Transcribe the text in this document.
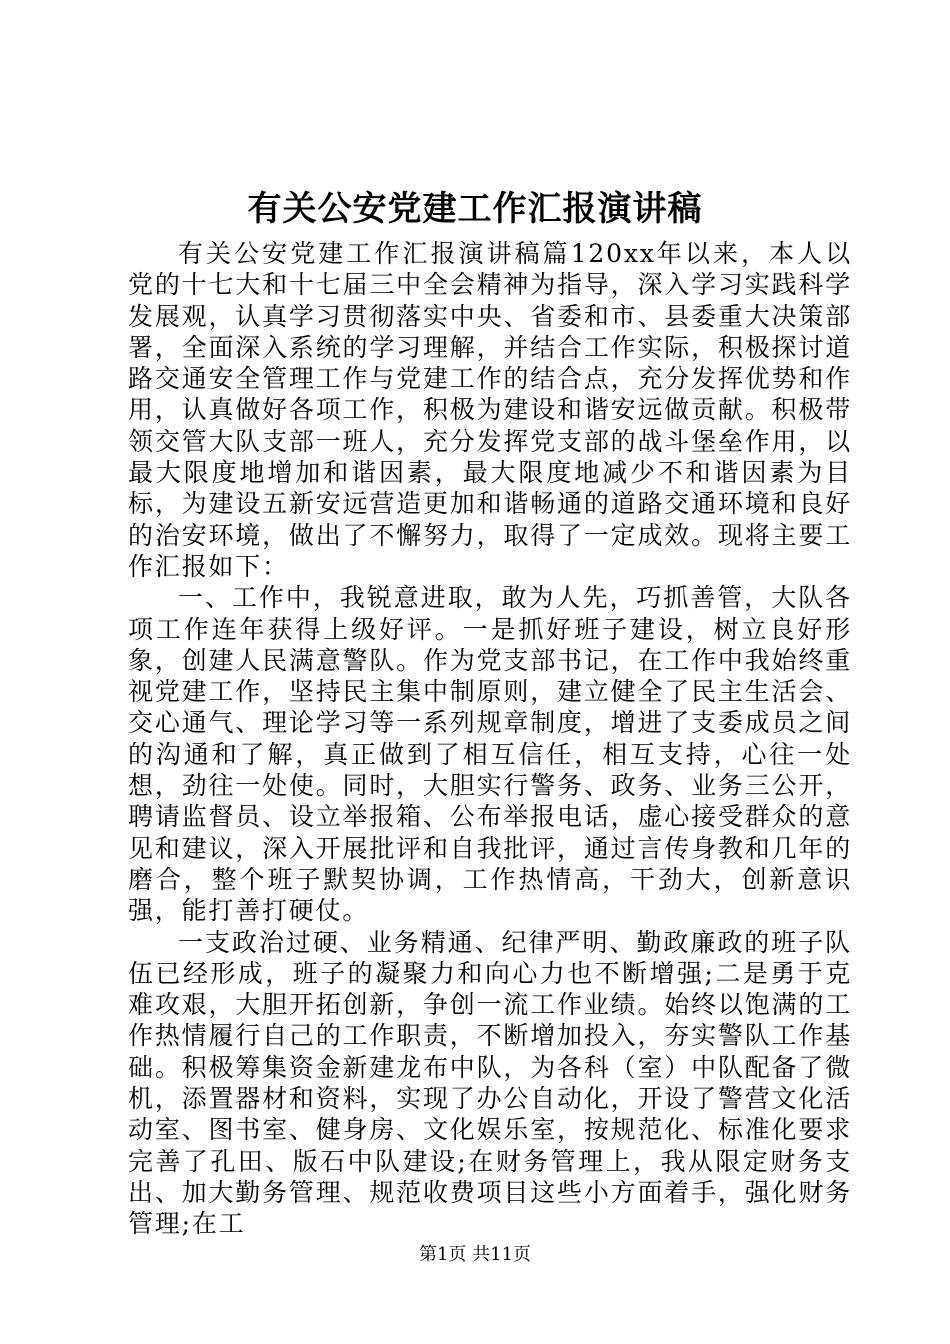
有关公安党建工作汇报演讲稿

有关公安党建工作汇报演讲稿篇120xx年以来，本人以党的十七大和十七届三中全会精神为指导，深入学习实践科学发展观，认真学习贯彻落实中央、省委和市、县委重大决策部署，全面深入系统的学习理解，并结合工作实际，积极探讨道路交通安全管理工作与党建工作的结合点，充分发挥优势和作用，认真做好各项工作，积极为建设和谐安远做贡献。积极带领交管大队支部一班人，充分发挥党支部的战斗堡垒作用，以最大限度地增加和谐因素，最大限度地减少不和谐因素为目标，为建设五新安远营造更加和谐畅通的道路交通环境和良好的治安环境，做出了不懈努力，取得了一定成效。现将主要工作汇报如下：

一、工作中，我锐意进取，敢为人先，巧抓善管，大队各项工作连年获得上级好评。一是抓好班子建设，树立良好形象，创建人民满意警队。作为党支部书记，在工作中我始终重视党建工作，坚持民主集中制原则，建立健全了民主生活会、交心通气、理论学习等一系列规章制度，增进了支委成员之间的沟通和了解，真正做到了相互信任，相互支持，心往一处想，劲往一处使。同时，大胆实行警务、政务、业务三公开，聘请监督员、设立举报箱、公布举报电话，虚心接受群众的意见和建议，深入开展批评和自我批评，通过言传身教和几年的磨合，整个班子默契协调，工作热情高，干劲大，创新意识强，能打善打硬仗。

一支政治过硬、业务精通、纪律严明、勤政廉政的班子队伍已经形成，班子的凝聚力和向心力也不断增强;二是勇于克难攻艰，大胆开拓创新，争创一流工作业绩。始终以饱满的工作热情履行自己的工作职责，不断增加投入，夯实警队工作基础。积极筹集资金新建龙布中队，为各科（室）中队配备了微机，添置器材和资料，实现了办公自动化，开设了警营文化活动室、图书室、健身房、文化娱乐室，按规范化、标准化要求完善了孔田、版石中队建设;在财务管理上，我从限定财务支出、加大勤务管理、规范收费项目这些小方面着手，强化财务管理;在工

第1页 共11页
